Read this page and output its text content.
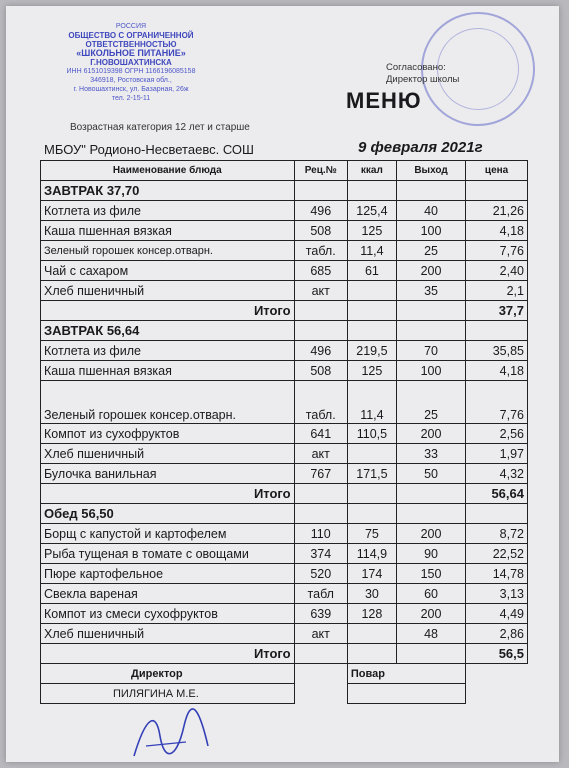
РОССИЯ
ОБЩЕСТВО С ОГРАНИЧЕННОЙ
ОТВЕТСТВЕННОСТЬЮ
«ШКОЛЬНОЕ ПИТАНИЕ»
Г.НОВОШАХТИНСКА
ИНН 6151019398 ОГРН 1166196085158
346918, Ростовская обл.,
г. Новошахтинск, ул. Базарная, 26ж
тел. 2-15-11
Согласовано:
Директор школы
МЕНЮ
Возрастная категория 12 лет и старше
МБОУ" Родионо-Несветаевс. СОШ	9 февраля 2021г
Наименование блюда	Рец.№	ккал	Выход	цена
ЗАВТРАК 37,70				
Котлета из филе	496	125,4	40	21,26
Каша пшенная вязкая	508	125	100	4,18
Зеленый горошек консер.отварн.	табл.	11,4	25	7,76
Чай с сахаром	685	61	200	2,40
Хлеб пшеничный	акт		35	2,1
Итого				37,7
ЗАВТРАК 56,64				
Котлета из филе	496	219,5	70	35,85
Каша пшенная вязкая	508	125	100	4,18
Зеленый горошек консер.отварн.	табл.	11,4	25	7,76
Компот из сухофруктов	641	110,5	200	2,56
Хлеб пшеничный	акт		33	1,97
Булочка ванильная	767	171,5	50	4,32
Итого				56,64
Обед 56,50				
Борщ с капустой и картофелем	110	75	200	8,72
Рыба тущеная в томате с овощами	374	114,9	90	22,52
Пюре картофельное	520	174	150	14,78
Свекла вареная	табл	30	60	3,13
Компот из смеси сухофруктов	639	128	200	4,49
Хлеб пшеничный	акт		48	2,86
Итого				56,5
Директор		Повар		
ПИЛЯГИНА М.Е.				
